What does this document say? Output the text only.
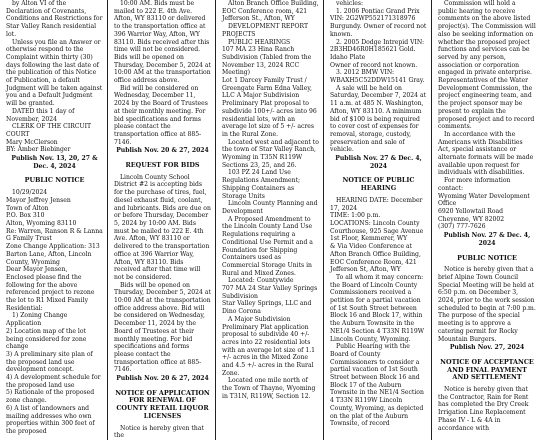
by Alton VI of the Declaration of Covenants, Conditions and Restrictions for Star Valley Ranch residential lot.

Unless you file an Answer or otherwise respond to the Complaint within thirty (30) days following the last date of the publication of this Notice of Publication, a default Judgment will be taken against you and a Default Judgment will be granted.

DATED this 1 day of November, 2024

CLERK OF THE CIRCUIT COURT
Mary McClerson
BY: Amber Biebinger

Publish Nov. 13, 20, 27 & Dec. 4, 2024

PUBLIC NOTICE

10/29/2024
Mayor Jeffrey Jensen
Town of Alton
P.O. Box 310
Alton, Wyoming 83110
Re: Warren, Ranson R & Lanna G Family Trust
Zone Change Application: 313 Barton Lane, Afton, Lincoln County, Wyoming
Dear Mayor Jensen,
Enclosed please find the following for the above referenced project to rezone the lot to R1 Mixed Family Residential:

1) Zoning Change Application
2) Location map of the lot being considered for zone change
3) A preliminary site plan of the proposed land use development concept.
4) A development schedule for the proposed land use
5) Rationale of the proposed zone change.
6) A list of landowners and mailing addresses who own properties within 300 feet of the proposed

10:00 AM. Bids must be mailed to 222 E. 4th Ave. Afton, WY 83110 or delivered to the transportation office at 396 Warrior Way, Afton, WY 83110. Bids received after this time will not be considered. Bids will be opened on Thursday, December 5, 2024 at 10:00 AM at the transportation office address above.

Bid will be considered on Wednesday, December 11, 2024 by the Board of Trustees at their monthly meeting. For bid specifications and forms please contact the transportation office at 885-7146.

Publish Nov. 20 & 27, 2024

REQUEST FOR BIDS

Lincoln County School District #2 is accepting bids for the purchase of tires, fuel, diesel exhaust fluid, coolant, and lubricants. Bids are due on or before Thursday, December 5, 2024 by 10:00 AM. Bids must be mailed to 222 E. 4th Ave. Afton, WY 83110 or delivered to the transportation office at 396 Warrior Way, Afton, WY 83110. Bids received after that time will not be considered.

Bids will be opened on Thursday, December 5, 2024 at 10:00 AM at the transportation office address above. Bid will be considered on Wednesday, December 11, 2024 by the Board of Trustees at their monthly meeting. For bid specifications and forms please contact the transportation office at 885-7146.

Publish Nov. 20 & 27, 2024

NOTICE OF APPLICATION FOR RENEWAL OF COUNTY RETAIL LIQUOR LICENSES

Notice is hereby given that the

Alton Branch Office Building, EOC Conference room, 421 Jefferson St., Afton, WY

DEVELOPMENT REPORT PROJECTS

PUBLIC HEARINGS
107 MA 23 Hina Ranch Subdivision (Tabled from the November 13, 2024 RCC Meeting)
Lot 1 Darcey Family Trust / Greengate Farm Edna Valley, LLC A Major Subdivision Preliminary Plat proposal to subdivide 100+/- acres into 96 residential lots, with an average lot size of 5 +/- acres in the Rural Zone.

Located west and adjacent to the town of Star Valley Ranch, Wyoming in T35N R119W Sections 23, 25, and 26.

103 PZ 24 Land Use Regulations Amendment; Shipping Containers as Storage Units

Lincoln County Planning and Development

A Proposed Amendment to the Lincoln County Land Use Regulations requiring a Conditional Use Permit and a Foundation for Shipping Containers used as Commercial Storage Units in Rural and Mixed Zones.

Located: Countywide
707 MA 24 Star Valley Springs Subdivision
Star Valley Springs, LLC and Dino Corona

A Major Subdivision Preliminary Plat application proposal to subdivide 40 +/- acres into 22 residential lots with an average lot size of 1.1 +/- acres in the Mixed Zone and 4.5 +/- acres in the Rural Zone.

Located one mile north of the Town of Thayne, Wyoming in T31N, R119W, Section 12.

vehicles:

1. 2006 Pontiac Grand Prix VIN: 2G2WP552171318976 Burgundy. Owner of record not known.

2. 2005 Dodge Intrepid VIN: 2B3HD46R0H185621 Gold. Idaho Plate
Owner of record not known.

3. 2012 BMW VIN: WBAXH5C52DDW15141 Gray.

A sale will be held on Saturday, December 7, 2024 at 11 a.m. at 485 N. Washington, Afton, WY 83110. A minimum bid of $100 is being required to cover cost of expenses for removal, storage, custody, preservation and sale of vehicle.

Publish Nov. 27 & Dec. 4, 2024

NOTICE OF PUBLIC HEARING

HEARING DATE: December 17, 2024
TIME: 1:00 p.m.
LOCATIONS: Lincoln County Courthouse, 925 Sage Avenue 1st Floor, Kemmerer, WY
& Via Video Conference at Afton Branch Office Building, EOC Conference Room, 421 Jefferson St, Afton, WY

To all whom it may concern: the Board of Lincoln County Commissioners received a petition for a partial vacation of 1st South Street between Block 16 and Block 17, within the Auburn Townsite in the NE1/4 Section 4 T33N R119W Lincoln County, Wyoming.

Public Hearing with the Board of County Commissioners to consider a partial vacation of 1st South Street between Block 16 and Block 17 of the Auburn Townsite in the NE1/4 Section 4 T33N R119W Lincoln County, Wyoming, as depicted on the plat of the Auburn Townsite, of record

Commission will hold a public hearing to receive comments on the above listed project(s). The Commission will also be seeking information on whether the proposed project functions and services can be served by any person, association or corporation engaged in private enterprise. Representatives of the Water Development Commission, the project engineering team, and the project sponsor may be present to explain the proposed project and to record comments.

In accordance with the Americans with Disabilities Act, special assistance or alternate formats will be made available upon request for individuals with disabilities.

For more information contact:
Wyoming Water Development Office
6920 Yellowtail Road
Cheyenne, WY 82002
(307) 777-7626

Publish Nov. 27 & Dec. 4, 2024

PUBLIC NOTICE

Notice is hereby given that a brief Alpine Town Council Special Meeting will be held at 6:50 p.m. on December 3, 2024, prior to the work session scheduled to begin at 7:00 p.m. The purpose of the special meeting is to approve a catering permit for Rocky Mountain Burgers.

Publish Nov. 27, 2024

NOTICE OF ACCEPTANCE AND FINAL PAYMENT AND SETTLEMENT

Notice is hereby given that the Contractor, Rain for Rent has completed the Dry Creek Irrigation Line Replacement Phase IV - L & 4A in accordance with
